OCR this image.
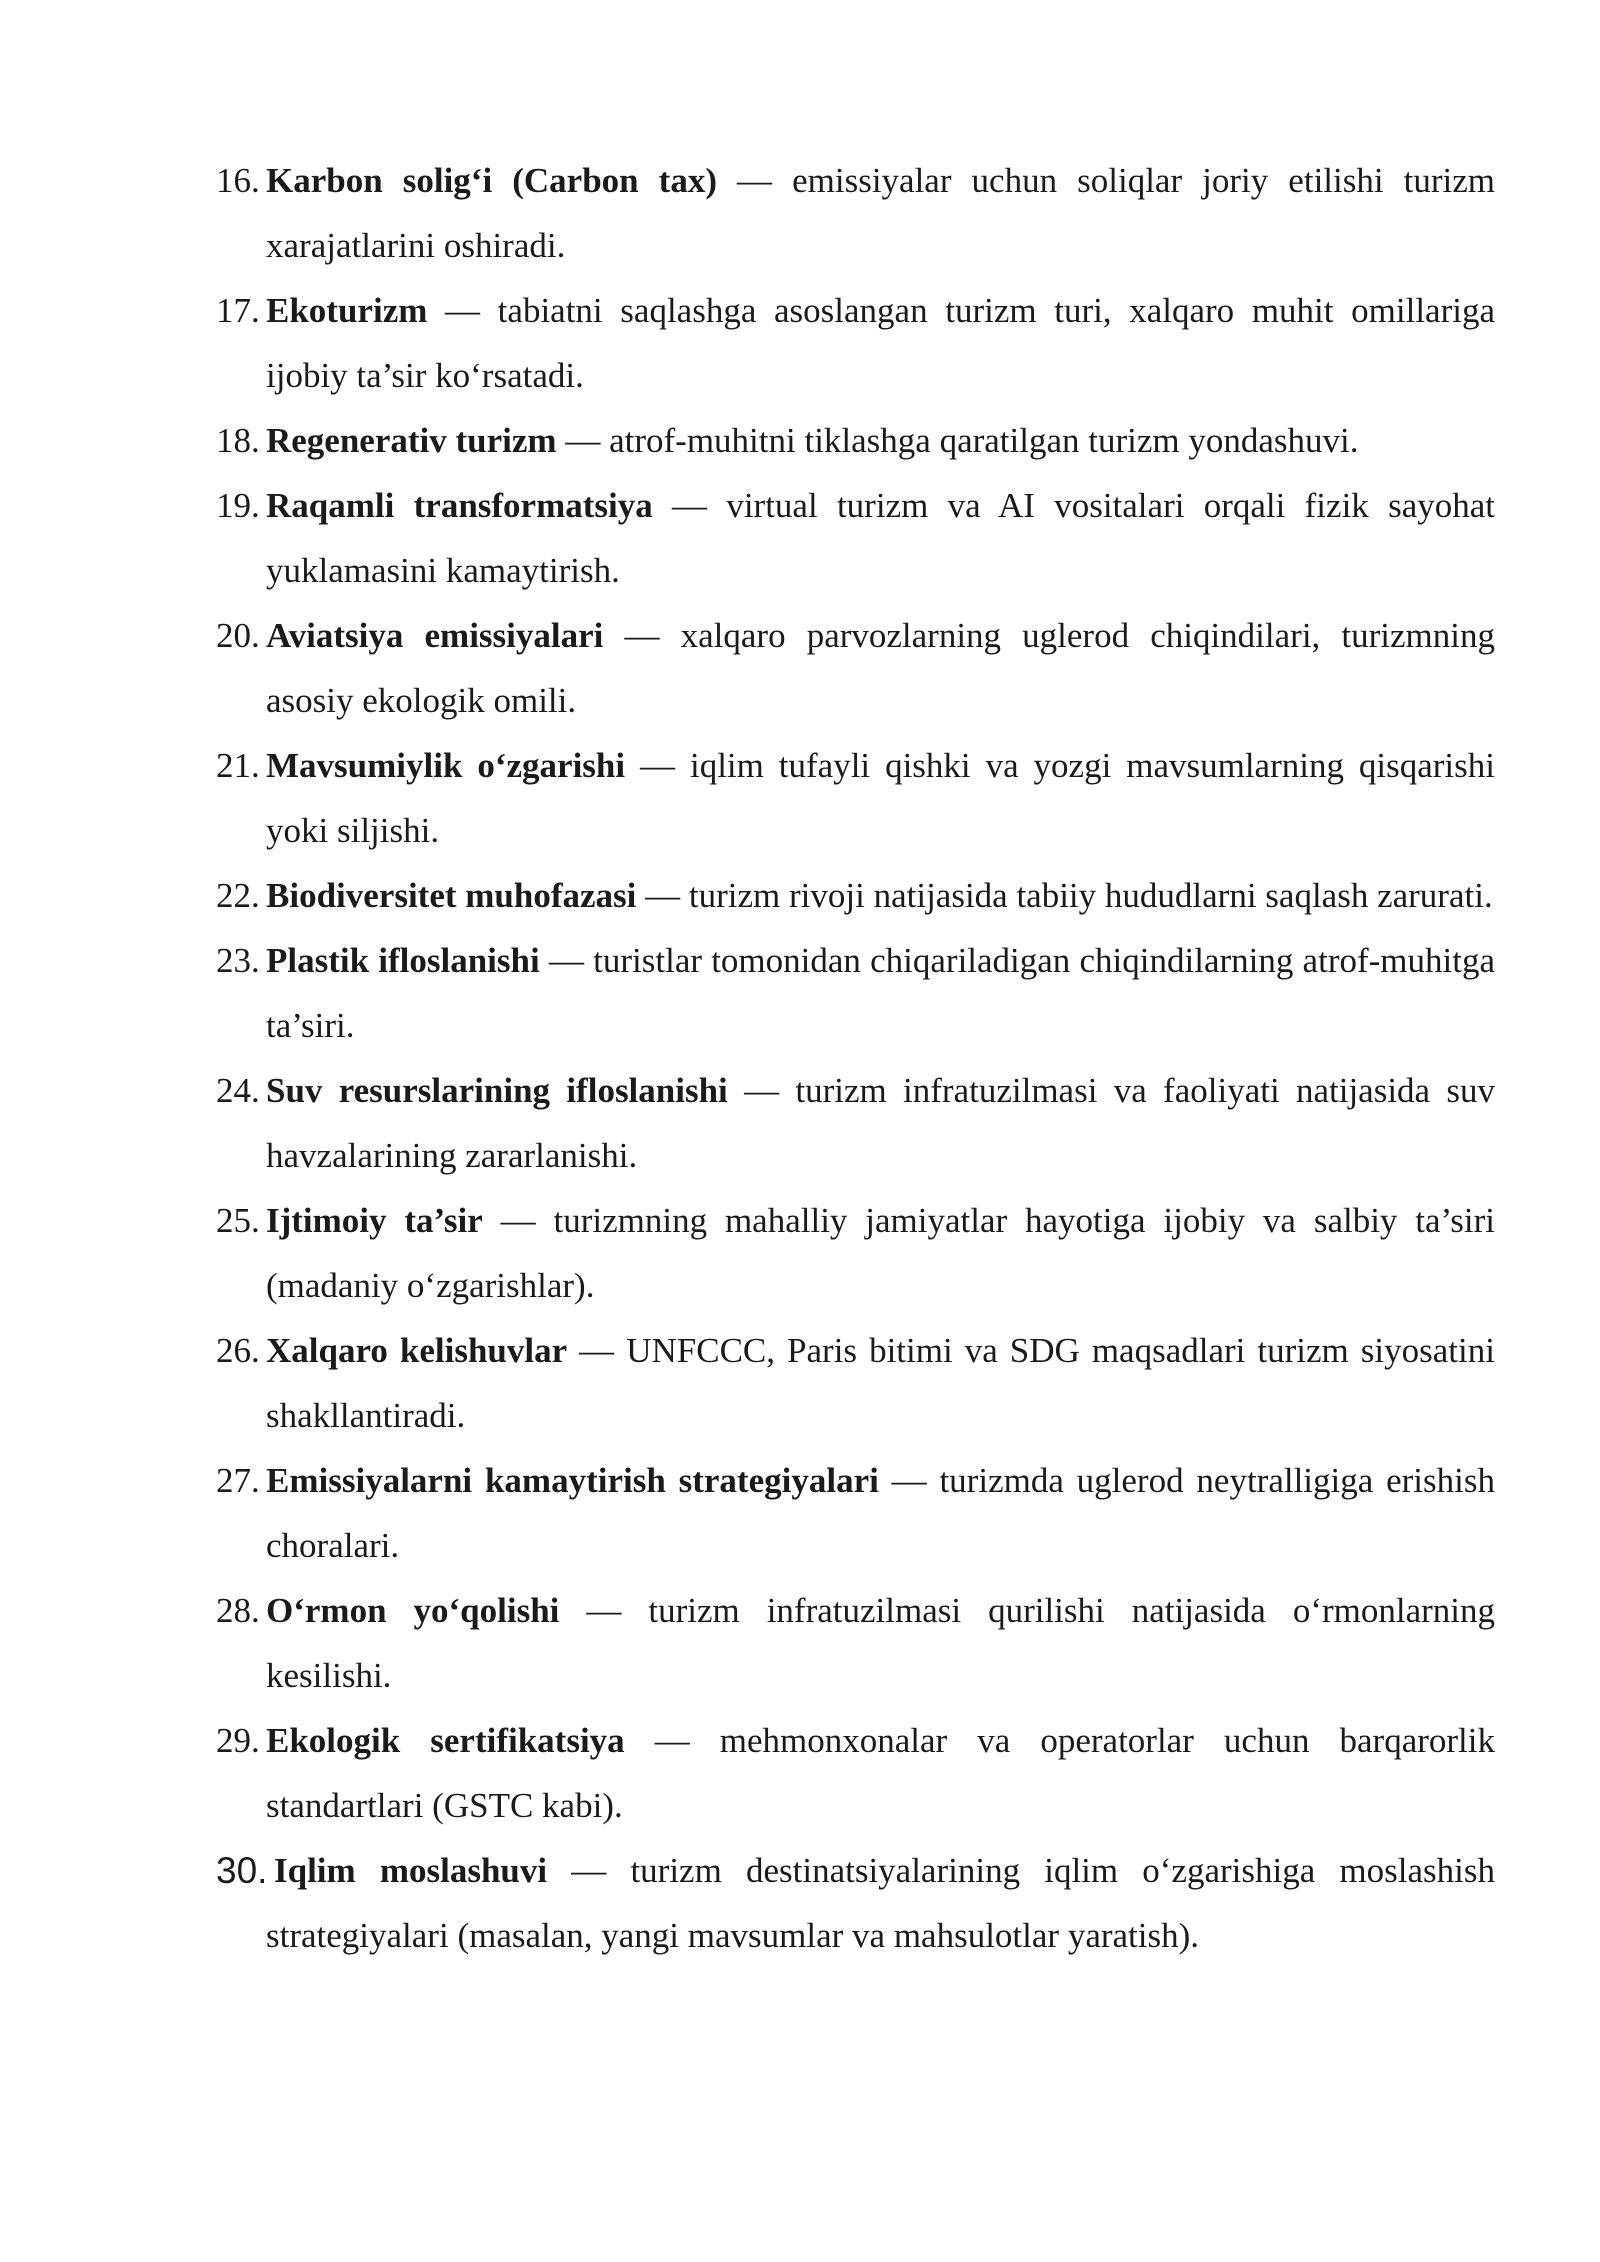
16. Karbon solig‘i (Carbon tax) — emissiyalar uchun soliqlar joriy etilishi turizm xarajatlarini oshiradi.

17. Ekoturizm — tabiatni saqlashga asoslangan turizm turi, xalqaro muhit omillariga ijobiy ta’sir ko‘rsatadi.

18. Regenerativ turizm — atrof-muhitni tiklashga qaratilgan turizm yondashuvi.

19. Raqamli transformatsiya — virtual turizm va AI vositalari orqali fizik sayohat yuklamasini kamaytirish.

20. Aviatsiya emissiyalari — xalqaro parvozlarning uglerod chiqindilari, turizmning asosiy ekologik omili.

21. Mavsumiylik o‘zgarishi — iqlim tufayli qishki va yozgi mavsumlarning qisqarishi yoki siljishi.

22. Biodiversitet muhofazasi — turizm rivoji natijasida tabiiy hududlarni saqlash zarurati.

23. Plastik ifloslanishi — turistlar tomonidan chiqariladigan chiqindilarning atrof-muhitga ta’siri.

24. Suv resurslarining ifloslanishi — turizm infratuzilmasi va faoliyati natijasida suv havzalarining zararlanishi.

25. Ijtimoiy ta’sir — turizmning mahalliy jamiyatlar hayotiga ijobiy va salbiy ta’siri (madaniy o‘zgarishlar).

26. Xalqaro kelishuvlar — UNFCCC, Paris bitimi va SDG maqsadlari turizm siyosatini shakllantiradi.

27. Emissiyalarni kamaytirish strategiyalari — turizmda uglerod neytralligiga erishish choralari.

28. O‘rmon yo‘qolishi — turizm infratuzilmasi qurilishi natijasida o‘rmonlarning kesilishi.

29. Ekologik sertifikatsiya — mehmonxonalar va operatorlar uchun barqarorlik standartlari (GSTC kabi).

30. Iqlim moslashuvi — turizm destinatsiyalarining iqlim o‘zgarishiga moslashish strategiyalari (masalan, yangi mavsumlar va mahsulotlar yaratish).
